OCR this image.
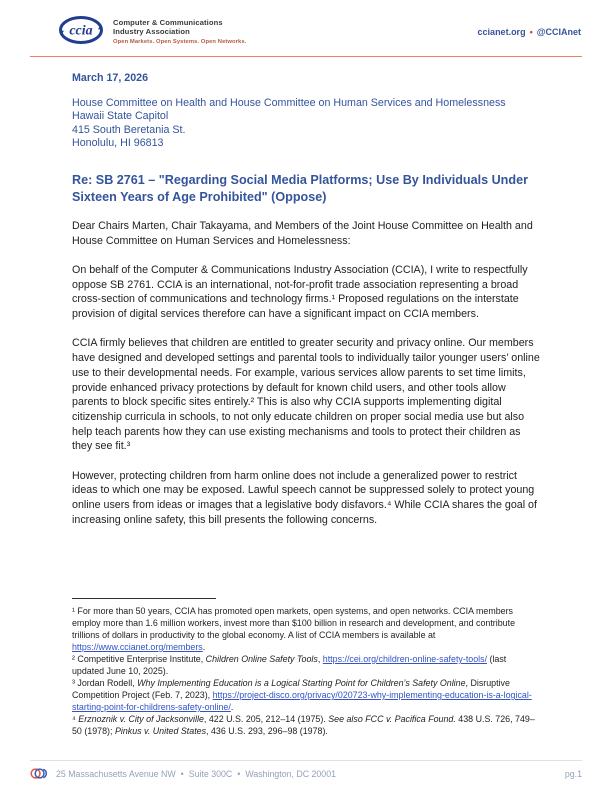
ccia
Computer & Communications
Industry Association
Open Markets. Open Systems. Open Networks.
ccianet.org • @CCIAnet
March 17, 2026
House Committee on Health and House Committee on Human Services and Homelessness
Hawaii State Capitol
415 South Beretania St.
Honolulu, HI 96813
Re: SB 2761 – "Regarding Social Media Platforms; Use By Individuals Under Sixteen Years of Age Prohibited" (Oppose)
Dear Chairs Marten, Chair Takayama, and Members of the Joint House Committee on Health and House Committee on Human Services and Homelessness:
On behalf of the Computer & Communications Industry Association (CCIA), I write to respectfully oppose SB 2761. CCIA is an international, not-for-profit trade association representing a broad cross-section of communications and technology firms.¹ Proposed regulations on the interstate provision of digital services therefore can have a significant impact on CCIA members.
CCIA firmly believes that children are entitled to greater security and privacy online. Our members have designed and developed settings and parental tools to individually tailor younger users’ online use to their developmental needs. For example, various services allow parents to set time limits, provide enhanced privacy protections by default for known child users, and other tools allow parents to block specific sites entirely.² This is also why CCIA supports implementing digital citizenship curricula in schools, to not only educate children on proper social media use but also help teach parents how they can use existing mechanisms and tools to protect their children as they see fit.³
However, protecting children from harm online does not include a generalized power to restrict ideas to which one may be exposed. Lawful speech cannot be suppressed solely to protect young online users from ideas or images that a legislative body disfavors.⁴ While CCIA shares the goal of increasing online safety, this bill presents the following concerns.
¹ For more than 50 years, CCIA has promoted open markets, open systems, and open networks. CCIA members employ more than 1.6 million workers, invest more than $100 billion in research and development, and contribute trillions of dollars in productivity to the global economy. A list of CCIA members is available at https://www.ccianet.org/members.
² Competitive Enterprise Institute, Children Online Safety Tools, https://cei.org/children-online-safety-tools/ (last updated June 10, 2025).
³ Jordan Rodell, Why Implementing Education is a Logical Starting Point for Children’s Safety Online, Disruptive Competition Project (Feb. 7, 2023), https://project-disco.org/privacy/020723-why-implementing-education-is-a-logical-starting-point-for-childrens-safety-online/.
⁴ Erznoznik v. City of Jacksonville, 422 U.S. 205, 212–14 (1975). See also FCC v. Pacifica Found. 438 U.S. 726, 749–50 (1978); Pinkus v. United States, 436 U.S. 293, 296–98 (1978).
25 Massachusetts Avenue NW • Suite 300C • Washington, DC 20001	pg.1
